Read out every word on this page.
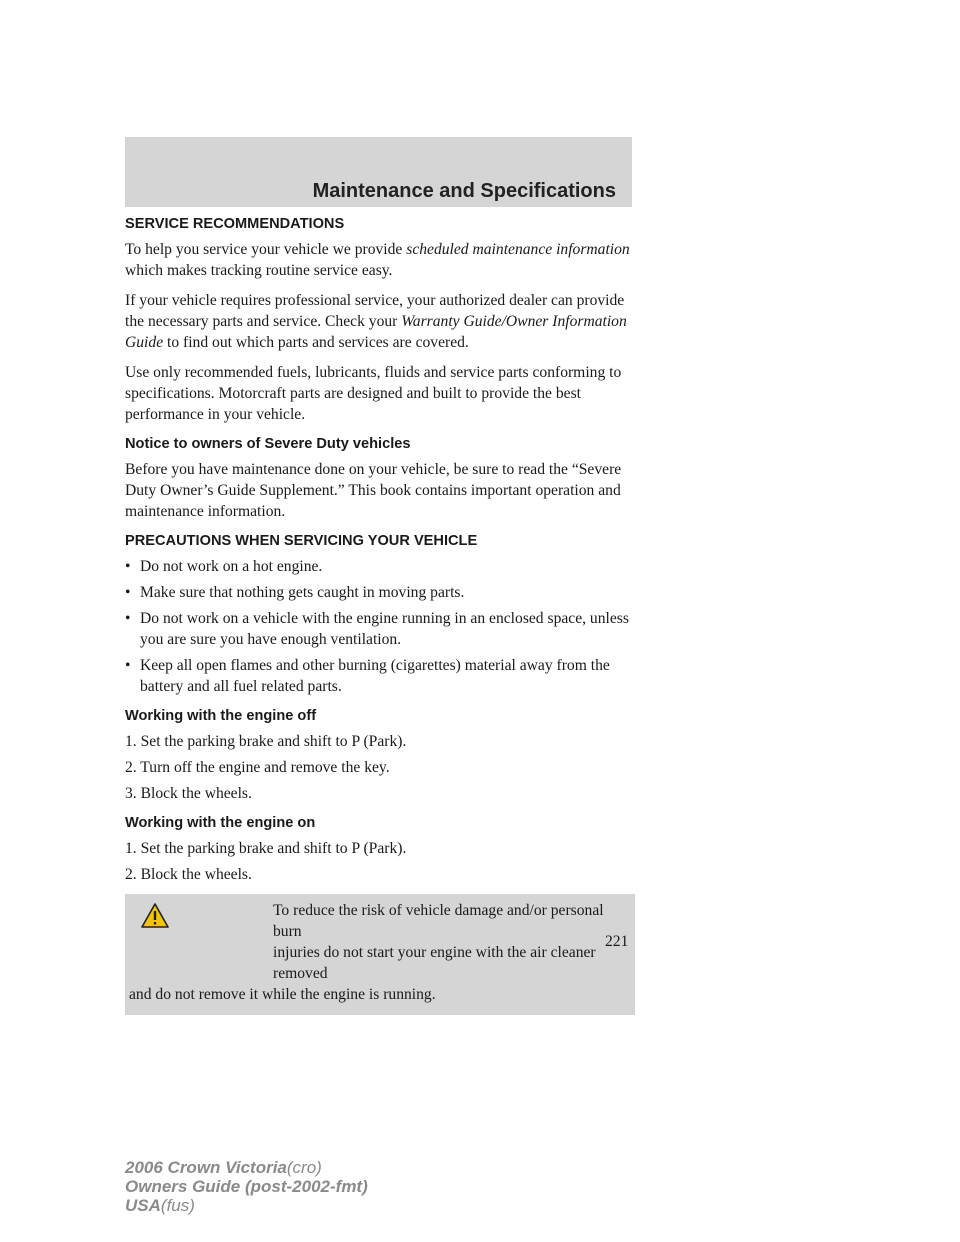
Maintenance and Specifications
SERVICE RECOMMENDATIONS
To help you service your vehicle we provide scheduled maintenance information which makes tracking routine service easy.
If your vehicle requires professional service, your authorized dealer can provide the necessary parts and service. Check your Warranty Guide/Owner Information Guide to find out which parts and services are covered.
Use only recommended fuels, lubricants, fluids and service parts conforming to specifications. Motorcraft parts are designed and built to provide the best performance in your vehicle.
Notice to owners of Severe Duty vehicles
Before you have maintenance done on your vehicle, be sure to read the “Severe Duty Owner’s Guide Supplement.” This book contains important operation and maintenance information.
PRECAUTIONS WHEN SERVICING YOUR VEHICLE
• Do not work on a hot engine.
• Make sure that nothing gets caught in moving parts.
• Do not work on a vehicle with the engine running in an enclosed space, unless you are sure you have enough ventilation.
• Keep all open flames and other burning (cigarettes) material away from the battery and all fuel related parts.
Working with the engine off
1. Set the parking brake and shift to P (Park).
2. Turn off the engine and remove the key.
3. Block the wheels.
Working with the engine on
1. Set the parking brake and shift to P (Park).
2. Block the wheels.
To reduce the risk of vehicle damage and/or personal burn
injuries do not start your engine with the air cleaner removed
and do not remove it while the engine is running.
221
2006 Crown Victoria(cro)
Owners Guide (post-2002-fmt)
USA(fus)
